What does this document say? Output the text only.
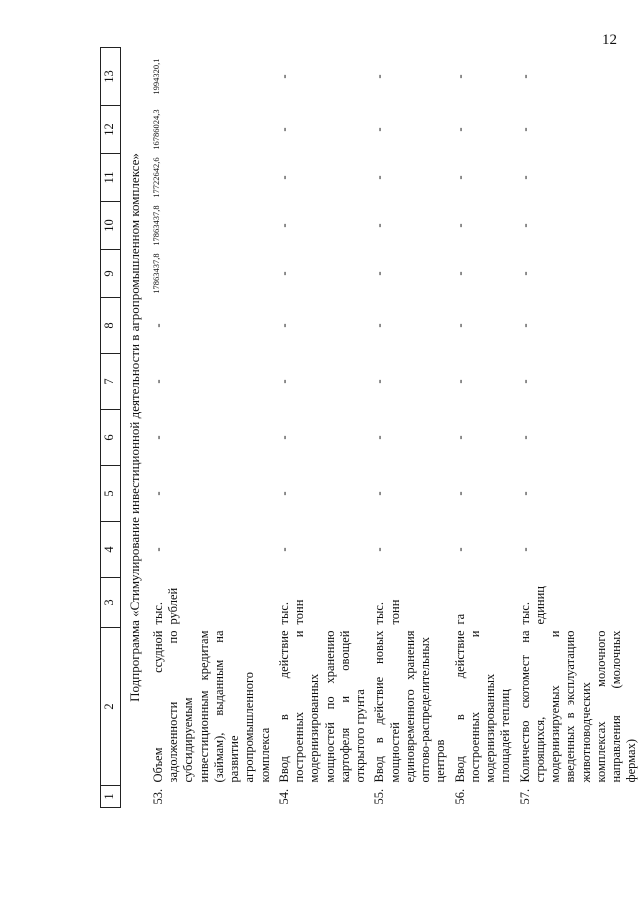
12
1	2	3	4	5	6	7	8	9	10	11	12	13
Подпрограмма «Стимулирование инвестиционной деятельности в агропромышленном комплексе»												
53.	Объем ссудной задолженности по субсидируемым инвестиционным кредитам (займам), выданным на развитие агропромышленного комплекса	тыс. рублей	-	-	-	-	-	17863437,8	17863437,8	17722642,6	16786024,3	1994320,1
54.	Ввод в действие построенных и модернизированных мощностей по хранению картофеля и овощей открытого грунта	тыс. тонн	-	-	-	-	-	-	-	-	-	-
55.	Ввод в действие новых мощностей единовременного хранения оптово-распределительных центров	тыс. тонн	-	-	-	-	-	-	-	-	-	-
56.	Ввод в действие построенных и модернизированных площадей теплиц	га	-	-	-	-	-	-	-	-	-	-
57.	Количество скотомест на строящихся, модернизируемых и введенных в эксплуатацию животноводческих комплексах молочного направления (молочных фермах)	тыс. единиц	-	-	-	-	-	-	-	-	-	-
